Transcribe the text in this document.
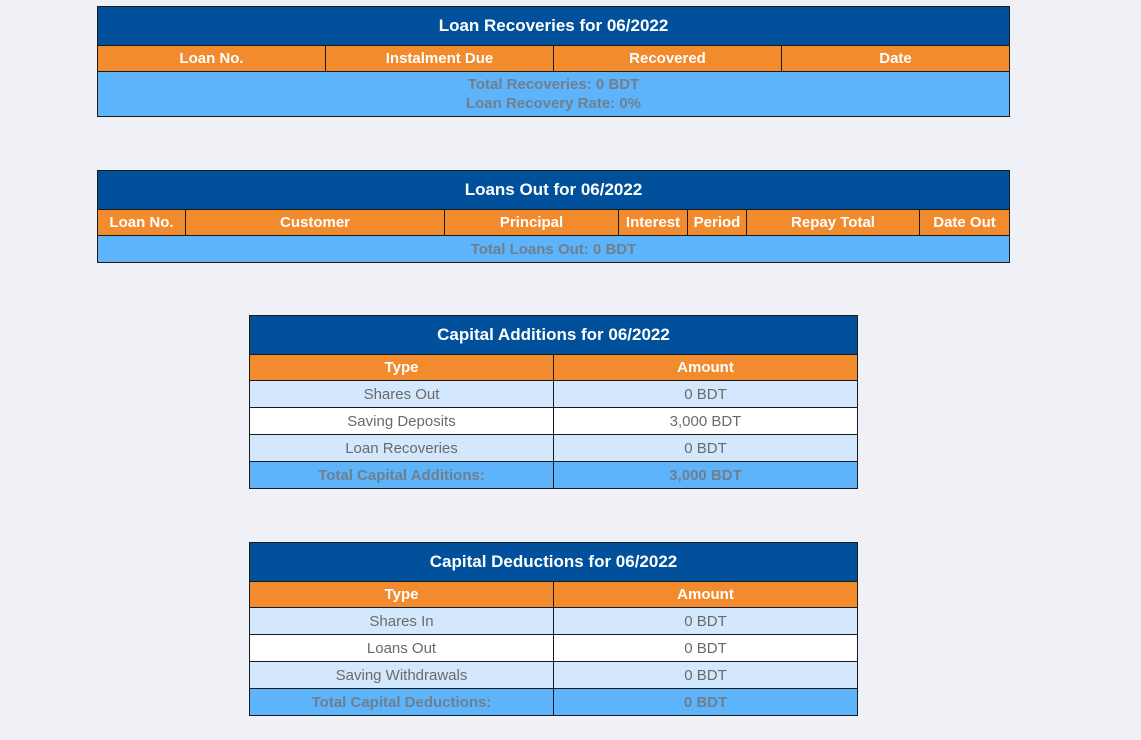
Loan Recoveries for 06/2022
Loan No.	Instalment Due	Recovered	Date

Total Recoveries: 0 BDT
Loan Recovery Rate: 0%
Loans Out for 06/2022
Loan No.	Customer	Principal	Interest	Period	Repay Total	Date Out
Total Loans Out: 0 BDT
Capital Additions for 06/2022	
Type	Amount
Shares Out	0 BDT
Saving Deposits	3,000 BDT
Loan Recoveries	0 BDT
Total Capital Additions:	3,000 BDT
Capital Deductions for 06/2022	
Type	Amount
Shares In	0 BDT
Loans Out	0 BDT
Saving Withdrawals	0 BDT
Total Capital Deductions:	0 BDT
